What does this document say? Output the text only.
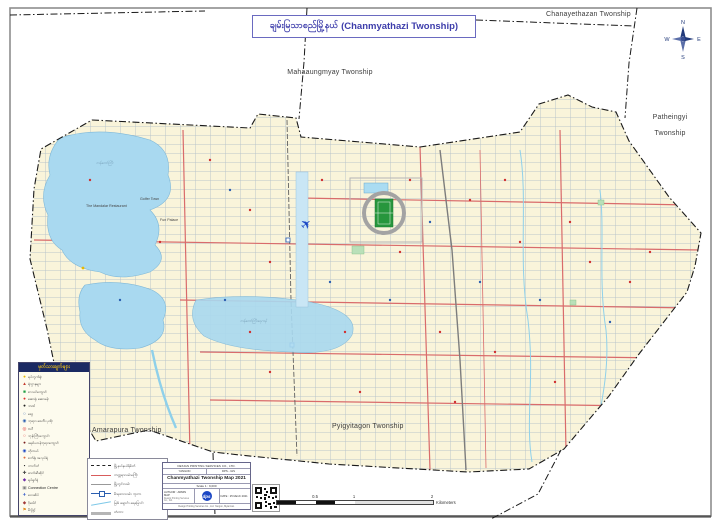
✈
ချမ်းမြသာစည်မြို့နယ် (Chanmyathazi Twonship)	N
E
S
W
Chanayethazan Twonship
Mahaaungmyay Twonship
Patheingyi
Twonship
Amarapura Twonship
Pyigyitagon Twonship
ကန်တော်ကြီး
ကန်တော်ကြီးရေကန်
The Mandalar Restaurant
Golfer Town
Fun Palace
မှတ်သားချက်များ
● ရပ်ကွက်ရုံး
▲ ရုံးဌာနများ
■ စာသင်ကျောင်း
● ဆေးရုံ၊ ဆေးခန်း
● ဘဏ်
○ ဈေး
◉ ဘုရား၊ စေတီ၊ ပုထိုး
◎ ဗလီ
○ ဘုန်းကြီးကျောင်း
● ခရစ်ယာန်ဘုရားကျောင်း
◉ ဟိုတယ်
● စက်ရုံ၊ အလုပ်ရုံ
▪ ကားဂိတ်
✚ ဓာတ်ဆီဆိုင်
◆ ရုပ်ရှင်ရုံ
▣ Connection Centre
✈ လေဆိပ်
◆ ဂိုဒေါင်
⚑ မီးပွိုင့်
မြို့နယ်နယ်နိမိတ်
ကတ္တရာလမ်းမကြီး
မြို့တွင်းလမ်း
မီးရထားလမ်း၊ ဘူတာ
မြစ်၊ ချောင်း၊ ရေမြောင်း
တံတား
DESIGN PRINTING SERVICES CO., LTD.
YANGON	DPS - GIS
Chanmyathazi Twonship Map 2021
Scale 1 : 9,000
AUTHOR : ADMIN MAP
Design Printing Services Co., Ltd.
dps	DATE : 25 March 2021
Design Printing Services Co., Ltd. Yangon, Myanmar.
0	0.5	1	2
Kilometers
